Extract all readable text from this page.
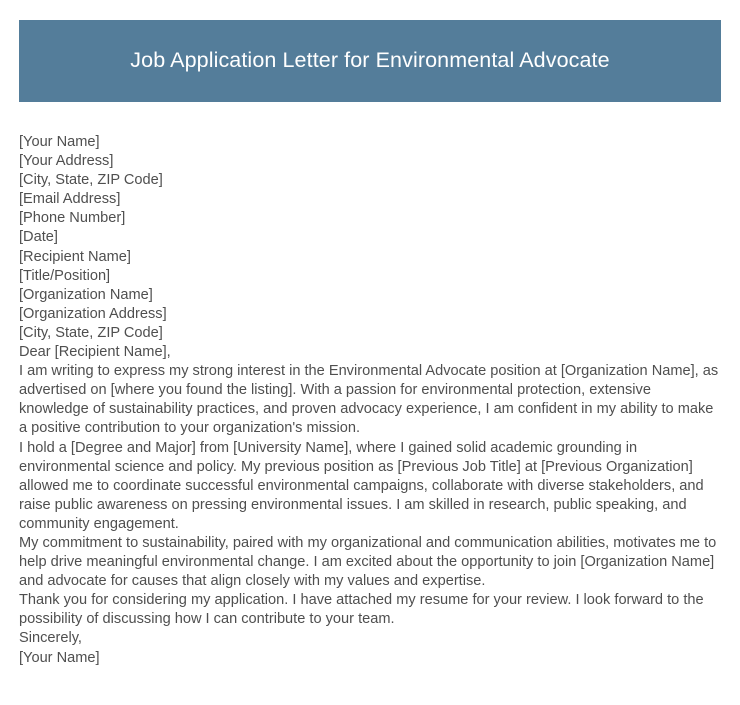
Job Application Letter for Environmental Advocate
[Your Name]
[Your Address]
[City, State, ZIP Code]
[Email Address]
[Phone Number]
[Date]
[Recipient Name]
[Title/Position]
[Organization Name]
[Organization Address]
[City, State, ZIP Code]
Dear [Recipient Name],

I am writing to express my strong interest in the Environmental Advocate position at [Organization Name], as advertised on [where you found the listing]. With a passion for environmental protection, extensive knowledge of sustainability practices, and proven advocacy experience, I am confident in my ability to make a positive contribution to your organization's mission.

I hold a [Degree and Major] from [University Name], where I gained solid academic grounding in environmental science and policy. My previous position as [Previous Job Title] at [Previous Organization] allowed me to coordinate successful environmental campaigns, collaborate with diverse stakeholders, and raise public awareness on pressing environmental issues. I am skilled in research, public speaking, and community engagement.

My commitment to sustainability, paired with my organizational and communication abilities, motivates me to help drive meaningful environmental change. I am excited about the opportunity to join [Organization Name] and advocate for causes that align closely with my values and expertise.

Thank you for considering my application. I have attached my resume for your review. I look forward to the possibility of discussing how I can contribute to your team.

Sincerely,
[Your Name]
